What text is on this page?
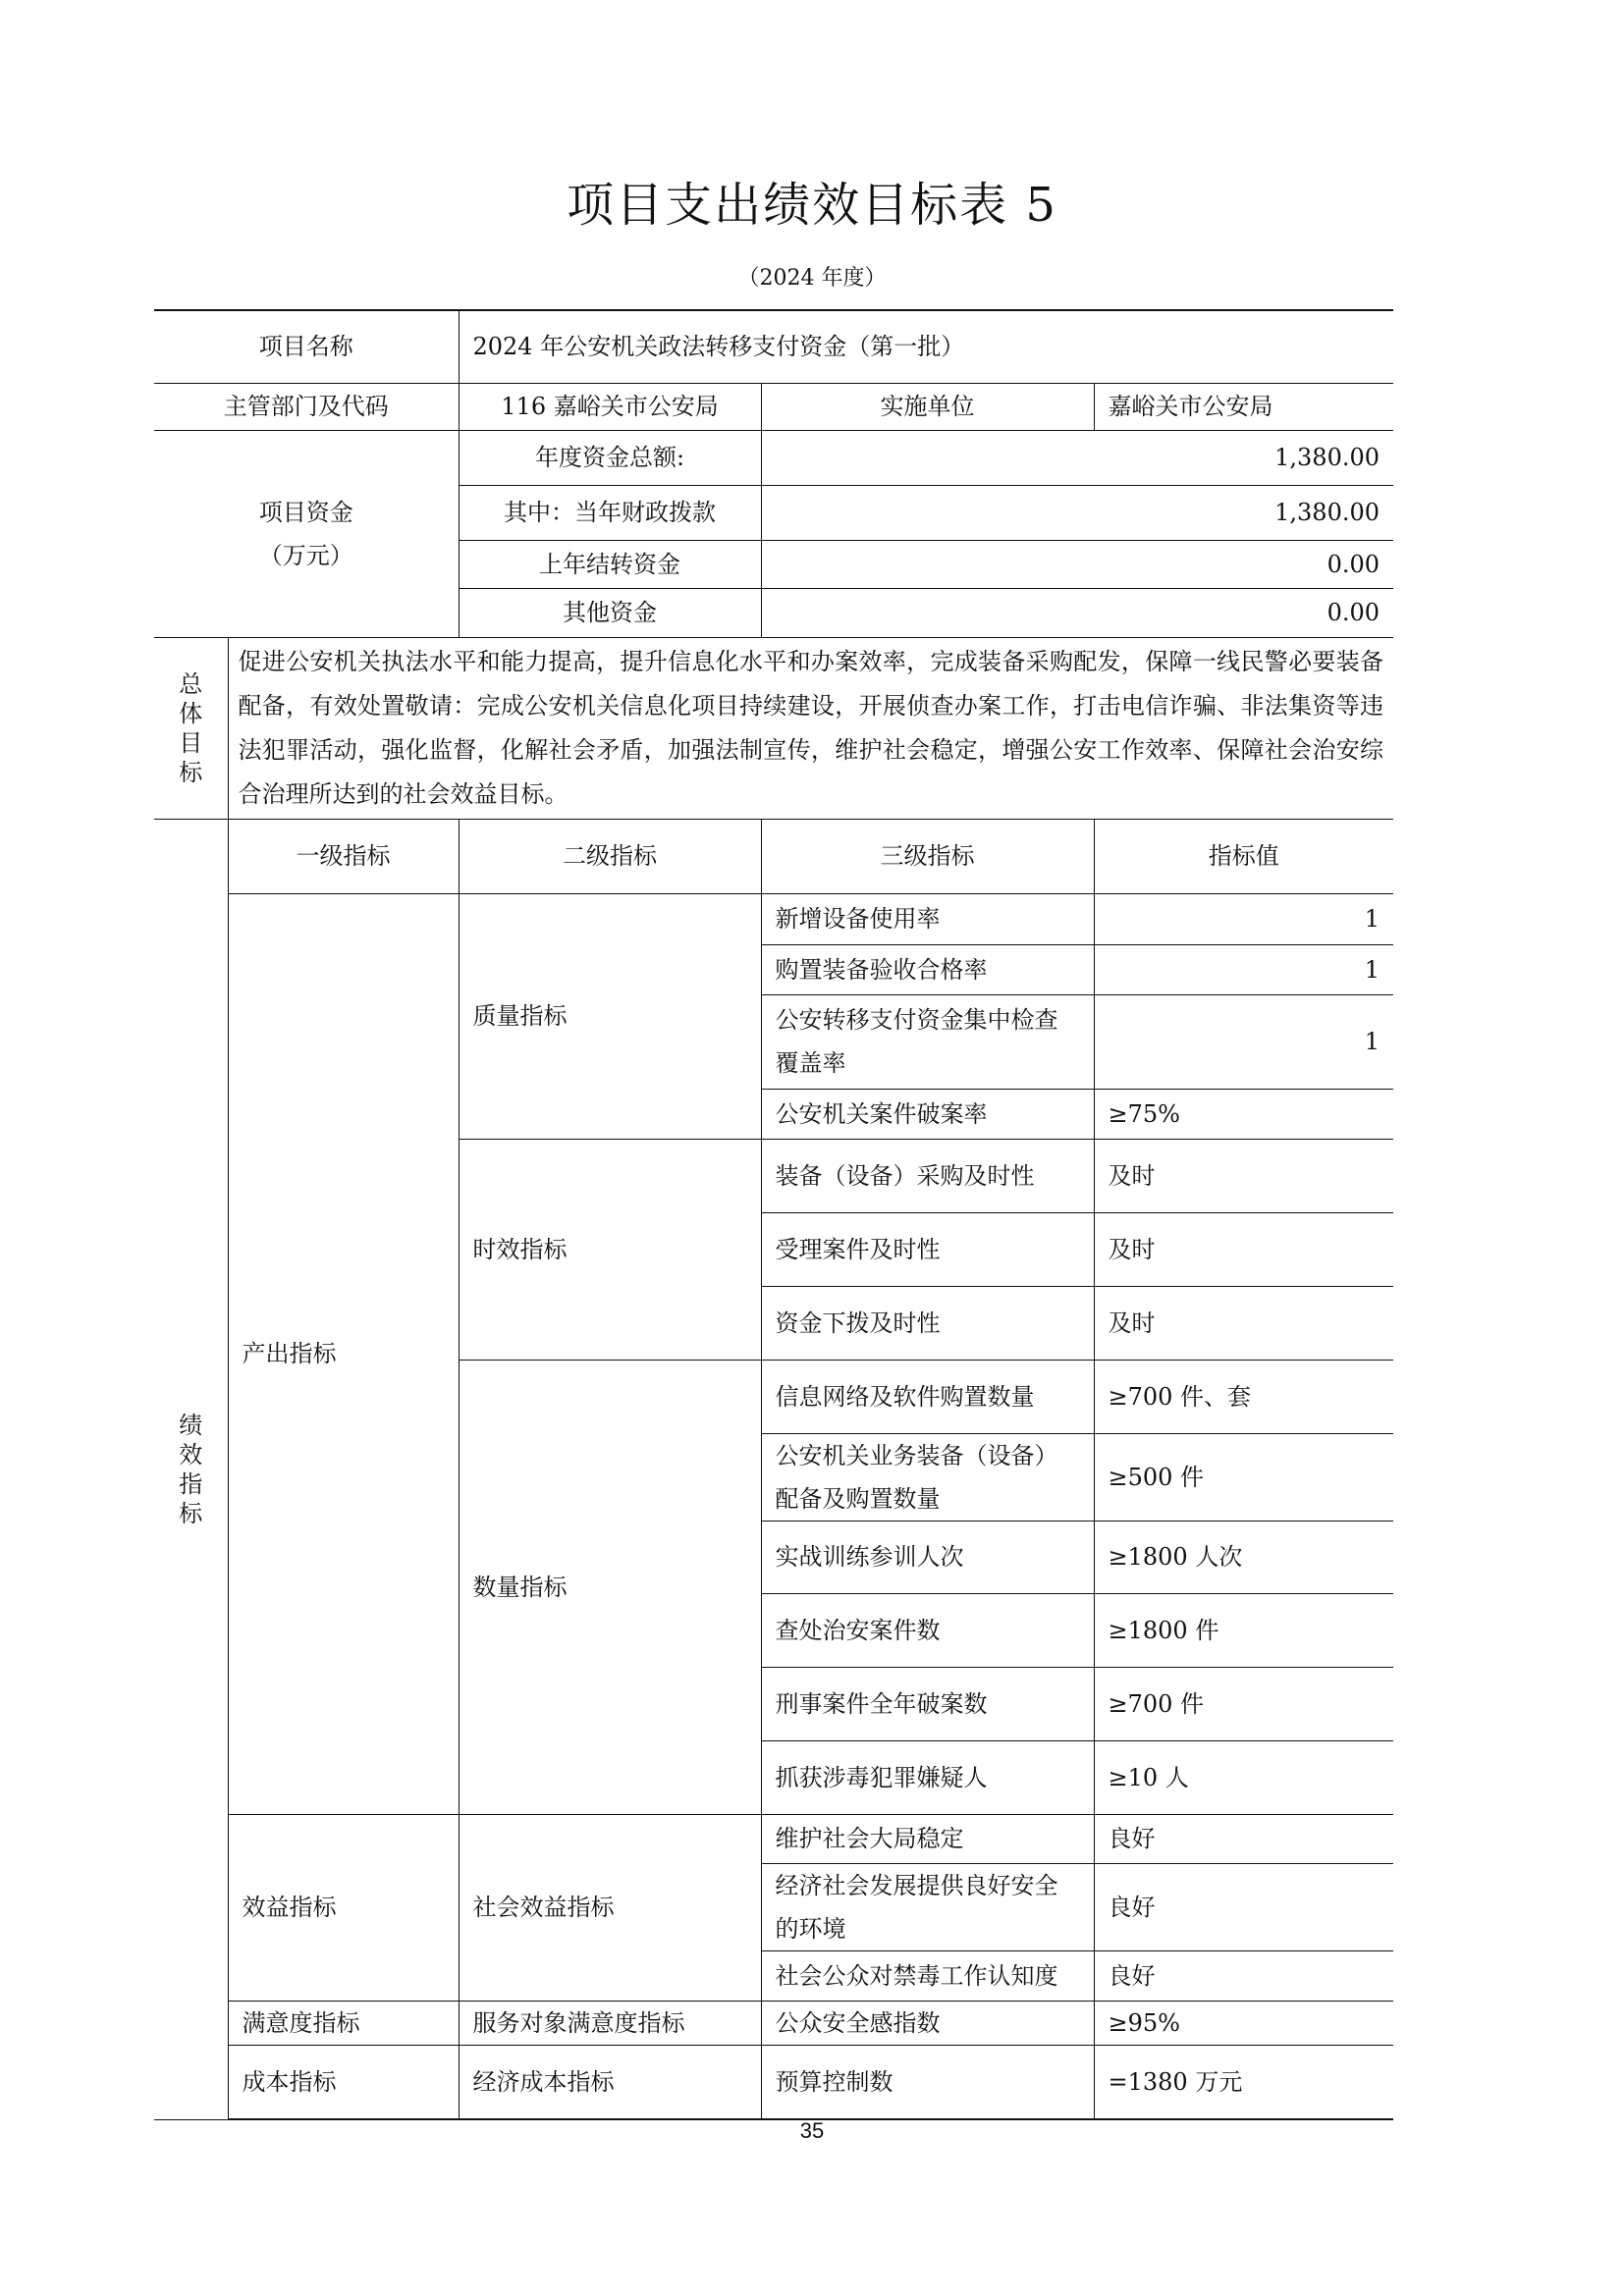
项目支出绩效目标表 5
（2024 年度）
项目名称		2024 年公安机关政法转移支付资金（第一批）		
主管部门及代码		116 嘉峪关市公安局	实施单位	嘉峪关市公安局

项目资金
（万元）		年度资金总额:	1,380.00	
		其中：当年财政拨款	1,380.00	
		上年结转资金	0.00	
		其他资金	0.00	

总体目标	促进公安机关执法水平和能力提高，提升信息化水平和办案效率，完成装备采购配发，保障一线民警必要装备配备，有效处置敬请：完成公安机关信息化项目持续建设，开展侦查办案工作，打击电信诈骗、非法集资等违法犯罪活动，强化监督，化解社会矛盾，加强法制宣传，维护社会稳定，增强公安工作效率、保障社会治安综合治理所达到的社会效益目标。			

绩效指标	一级指标	二级指标	三级指标	指标值
	产出指标	质量指标	新增设备使用率	1
			购置装备验收合格率	1
			公安转移支付资金集中检查覆盖率	1
			公安机关案件破案率	≥75%
		时效指标	装备（设备）采购及时性	及时
			受理案件及时性	及时
			资金下拨及时性	及时
		数量指标	信息网络及软件购置数量	≥700 件、套
			公安机关业务装备（设备）配备及购置数量	≥500 件
			实战训练参训人次	≥1800 人次
			查处治安案件数	≥1800 件
			刑事案件全年破案数	≥700 件
			抓获涉毒犯罪嫌疑人	≥10 人
	效益指标	社会效益指标	维护社会大局稳定	良好
			经济社会发展提供良好安全的环境	良好
			社会公众对禁毒工作认知度	良好
	满意度指标	服务对象满意度指标	公众安全感指数	≥95%
	成本指标	经济成本指标	预算控制数	=1380 万元
35
